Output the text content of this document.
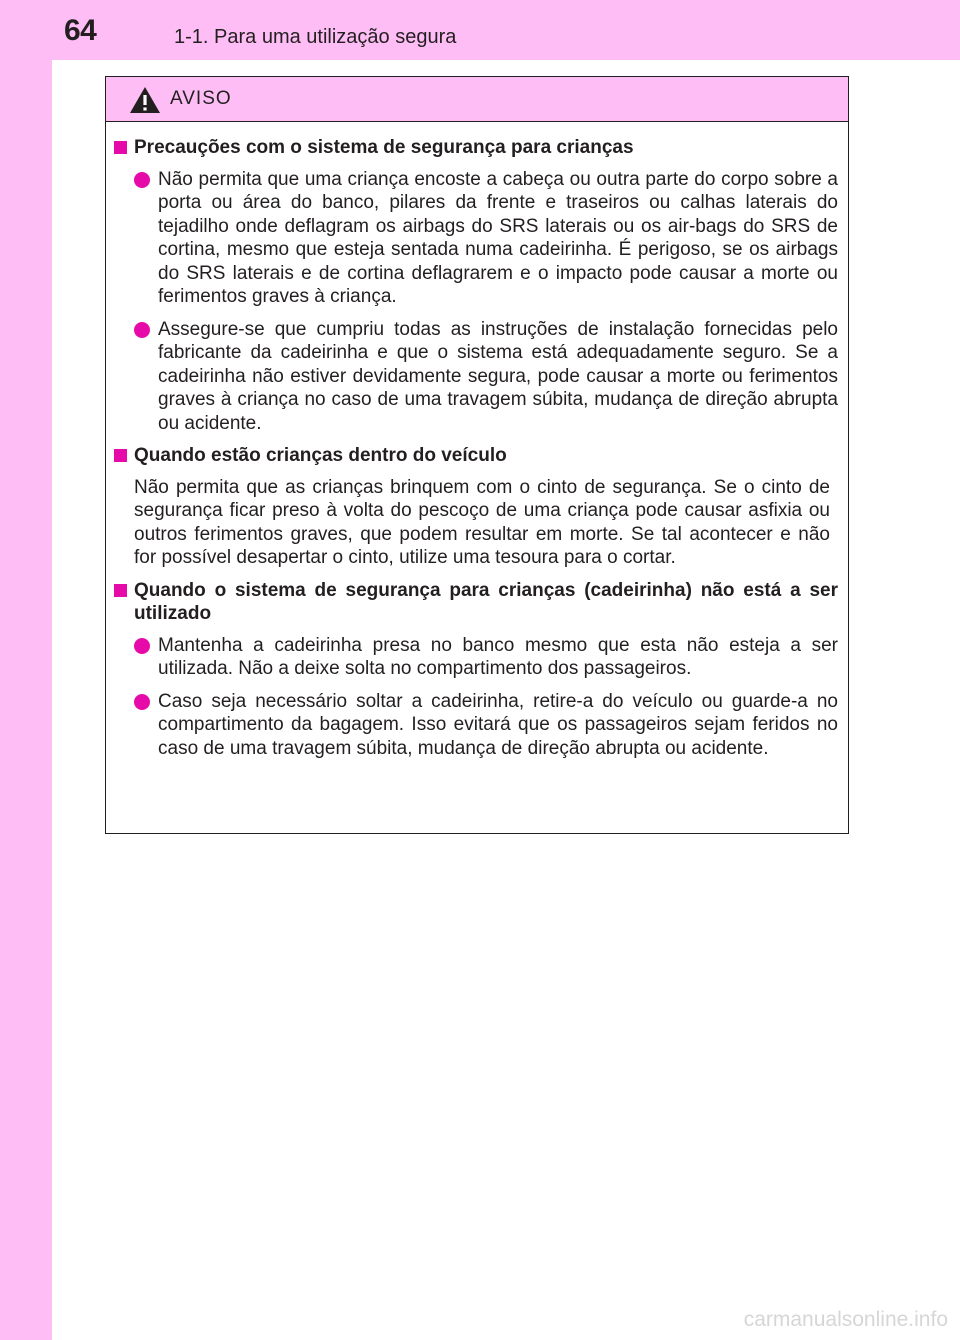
64	1-1. Para uma utilização segura
AVISO
Precauções com o sistema de segurança para crianças
Não permita que uma criança encoste a cabeça ou outra parte do corpo sobre a porta ou área do banco, pilares da frente e traseiros ou calhas laterais do tejadilho onde deflagram os airbags do SRS laterais ou os air-bags do SRS de cortina, mesmo que esteja sentada numa cadeirinha. É perigoso, se os airbags do SRS laterais e de cortina deflagrarem e o impacto pode causar a morte ou ferimentos graves à criança.
Assegure-se que cumpriu todas as instruções de instalação fornecidas pelo fabricante da cadeirinha e que o sistema está adequadamente seguro. Se a cadeirinha não estiver devidamente segura, pode causar a morte ou ferimentos graves à criança no caso de uma travagem súbita, mudança de direção abrupta ou acidente.
Quando estão crianças dentro do veículo
Não permita que as crianças brinquem com o cinto de segurança. Se o cinto de segurança ficar preso à volta do pescoço de uma criança pode causar asfixia ou outros ferimentos graves, que podem resultar em morte. Se tal acontecer e não for possível desapertar o cinto, utilize uma tesoura para o cortar.
Quando o sistema de segurança para crianças (cadeirinha) não está a ser utilizado
Mantenha a cadeirinha presa no banco mesmo que esta não esteja a ser utilizada. Não a deixe solta no compartimento dos passageiros.
Caso seja necessário soltar a cadeirinha, retire-a do veículo ou guarde-a no compartimento da bagagem. Isso evitará que os passageiros sejam feridos no caso de uma travagem súbita, mudança de direção abrupta ou acidente.
carmanualsonline.info
